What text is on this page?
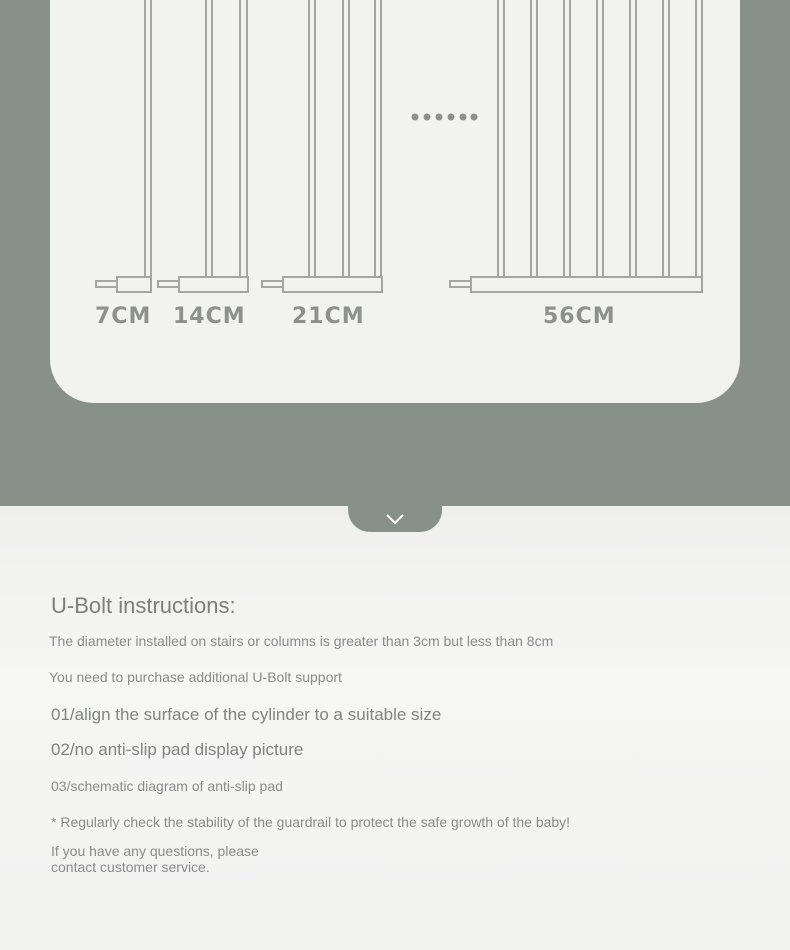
7CM 14CM 21CM	56CM
U-Bolt instructions:
The diameter installed on stairs or columns is greater than 3cm but less than 8cm
You need to purchase additional U-Bolt support
01/align the surface of the cylinder to a suitable size
02/no anti-slip pad display picture
03/schematic diagram of anti-slip pad
* Regularly check the stability of the guardrail to protect the safe growth of the baby!
If you have any questions, please
contact customer service.
